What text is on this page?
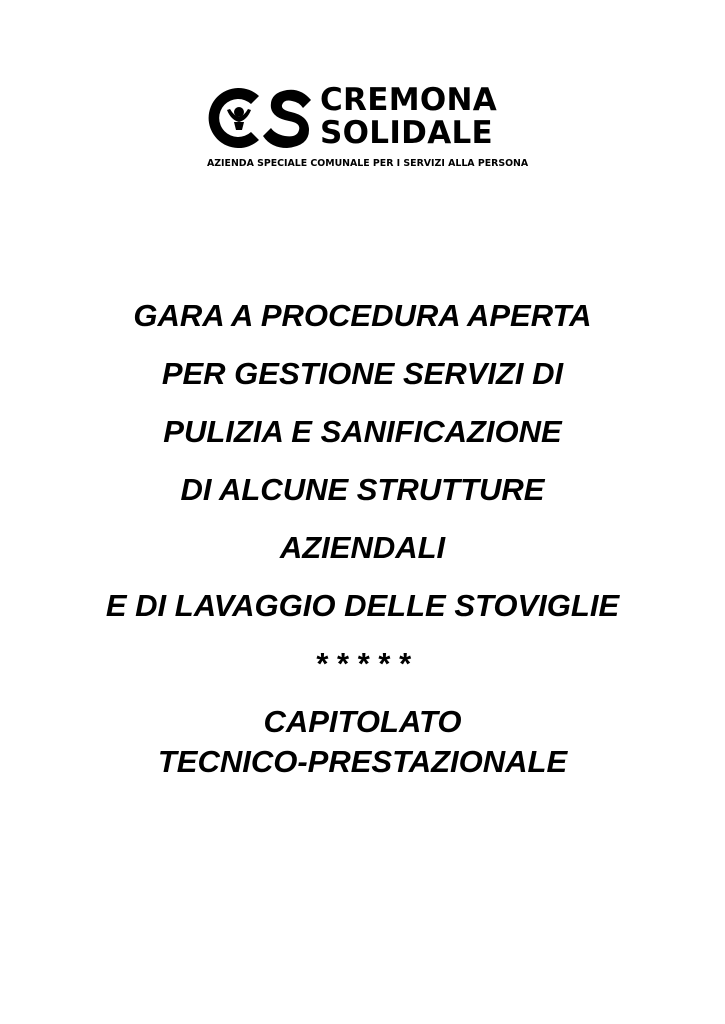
CREMONA
SOLIDALE
AZIENDA SPECIALE COMUNALE PER I SERVIZI ALLA PERSONA
GARA A PROCEDURA APERTA
PER GESTIONE SERVIZI DI
PULIZIA E SANIFICAZIONE
DI ALCUNE STRUTTURE
AZIENDALI
E DI LAVAGGIO DELLE STOVIGLIE
* * * * *
CAPITOLATO
TECNICO-PRESTAZIONALE
